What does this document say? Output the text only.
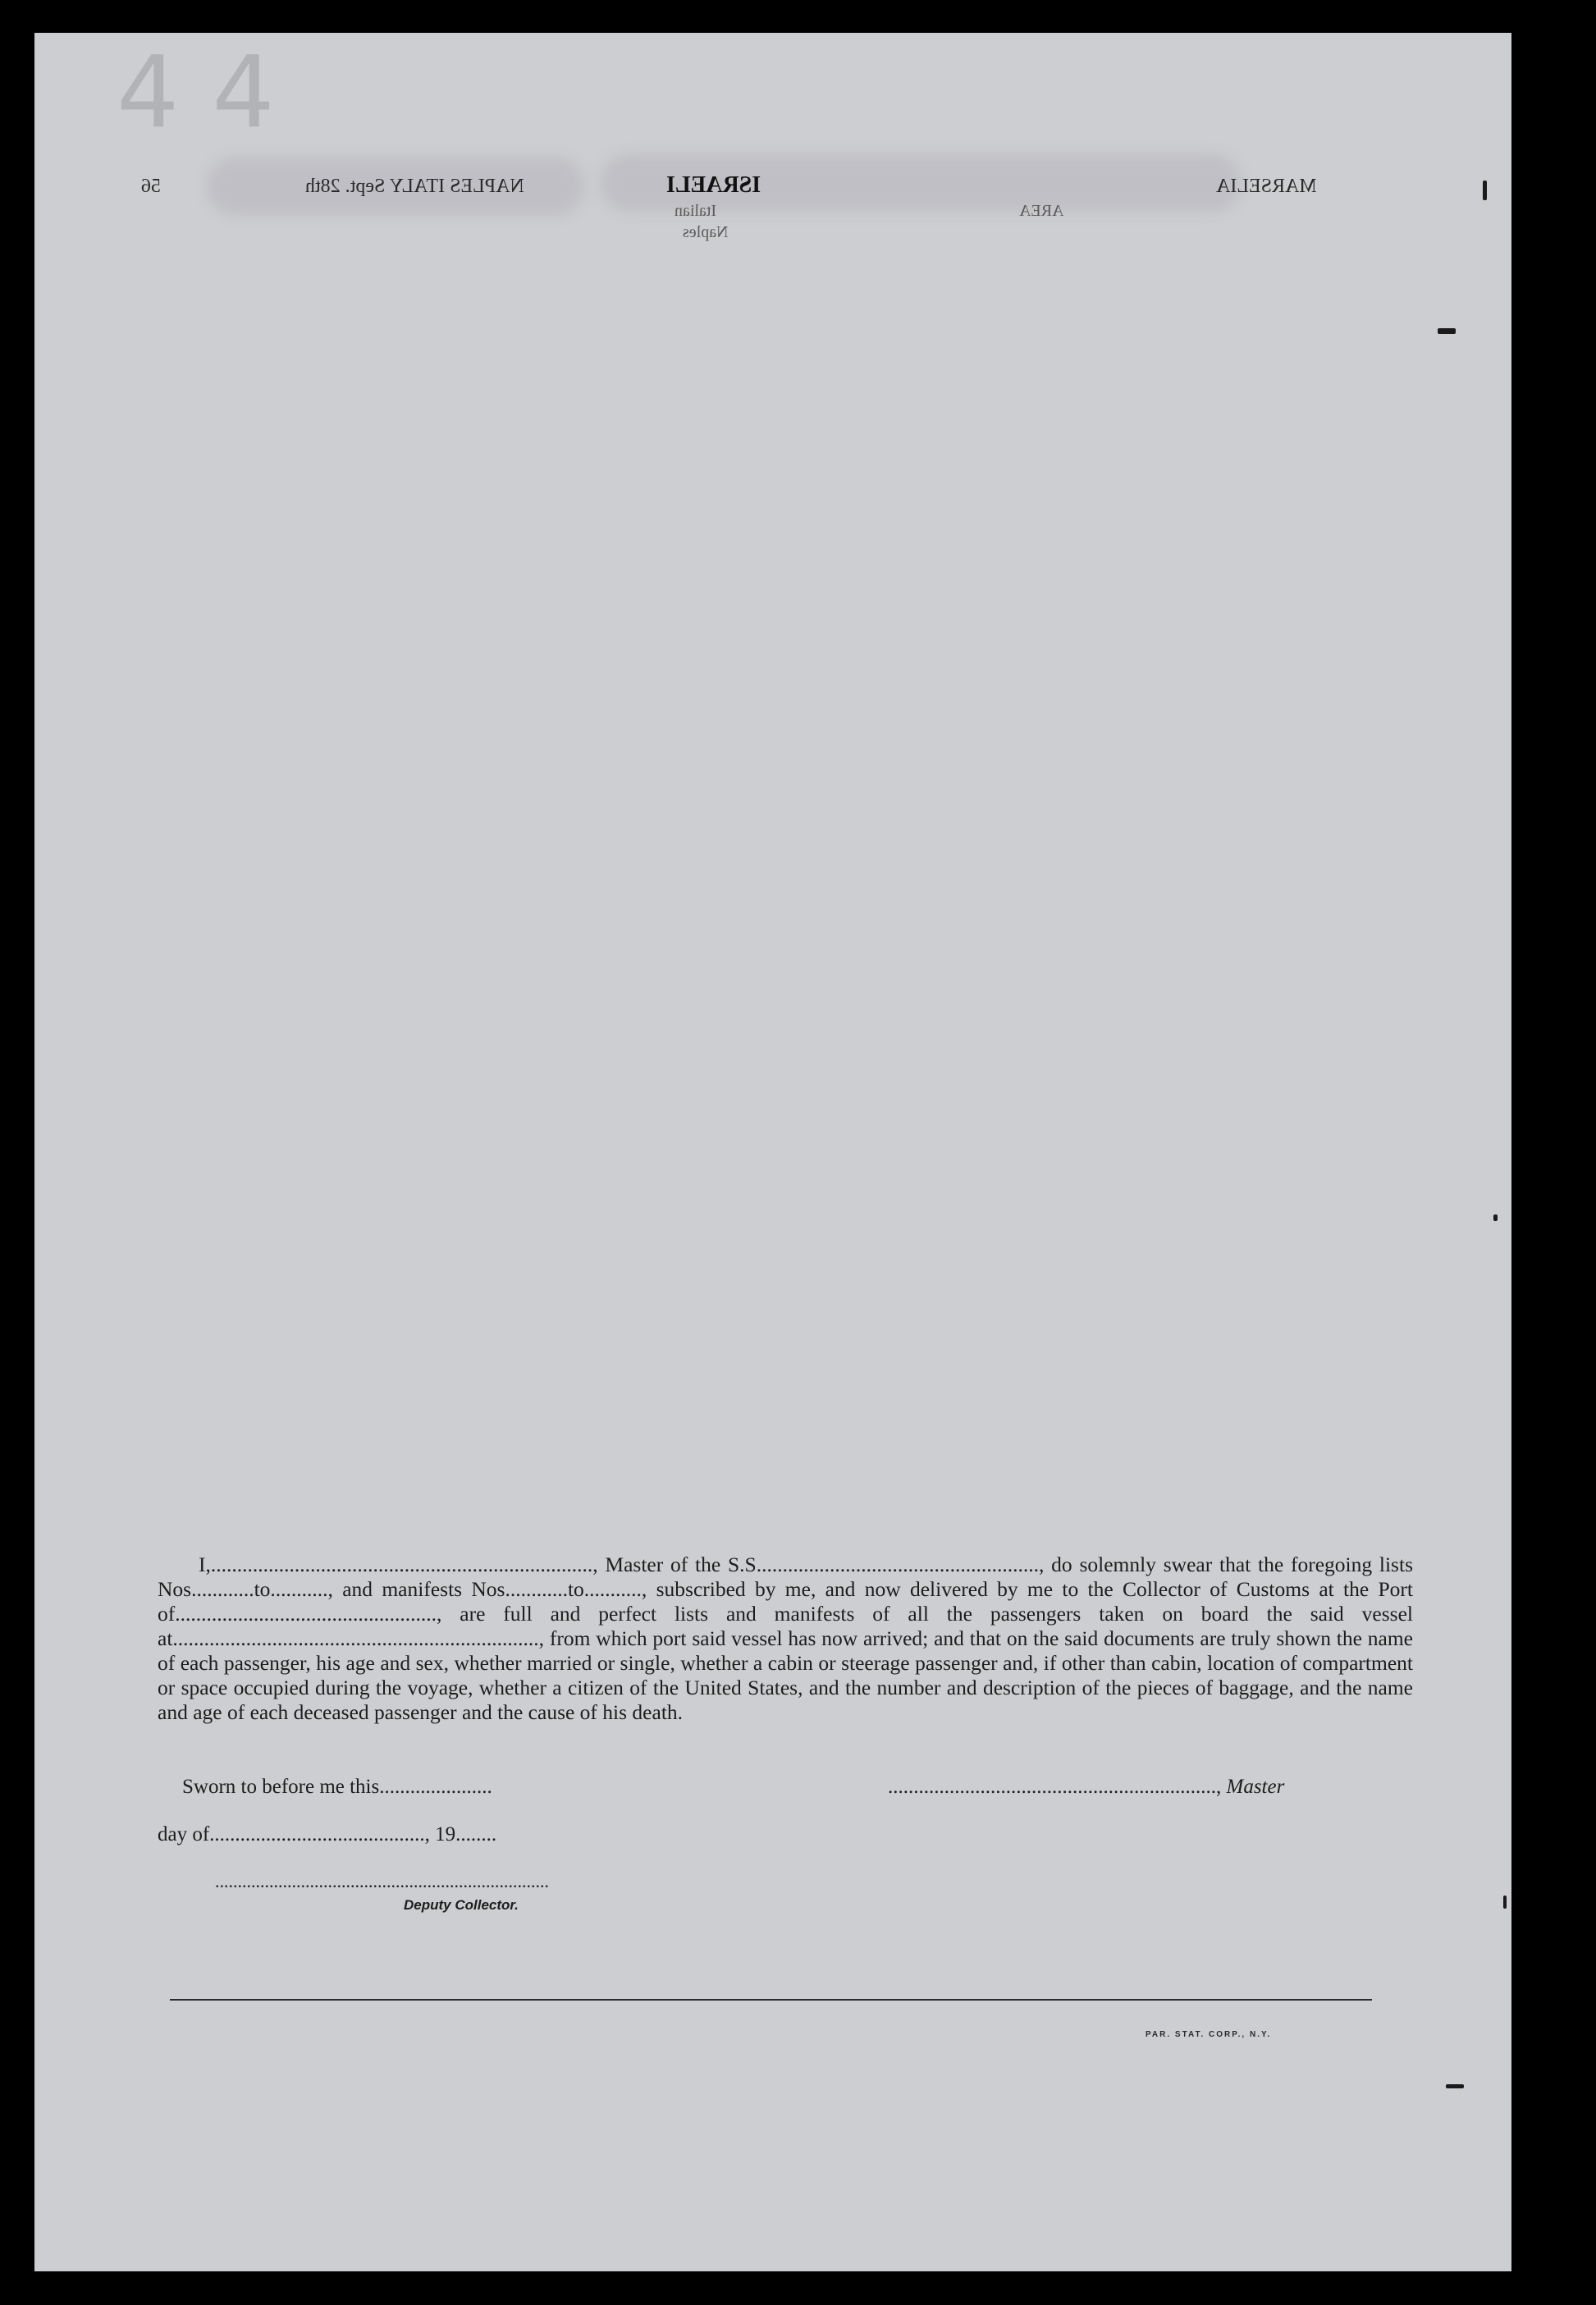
44
56	NAPLES ITALY Sept. 28th	ISRAELI
Italian
Naples
AREA
MARSELIA

I,........................................................................., Master of the S.S......................................................, do solemnly swear that the foregoing lists Nos............to..........., and manifests Nos............to..........., subscribed by me, and now delivered by me to the Collector of Customs at the Port of.................................................., are full and perfect lists and manifests of all the passengers taken on board the said vessel at......................................................................, from which port said vessel has now arrived; and that on the said documents are truly shown the name of each passenger, his age and sex, whether married or single, whether a cabin or steerage passenger and, if other than cabin, location of compartment or space occupied during the voyage, whether a citizen of the United States, and the number and description of the pieces of baggage, and the name and age of each deceased passenger and the cause of his death.

Sworn to before me this......................	................................................................, Master
day of.........................................., 19........
..........................................................................
Deputy Collector.
PAR. STAT. CORP., N.Y.
